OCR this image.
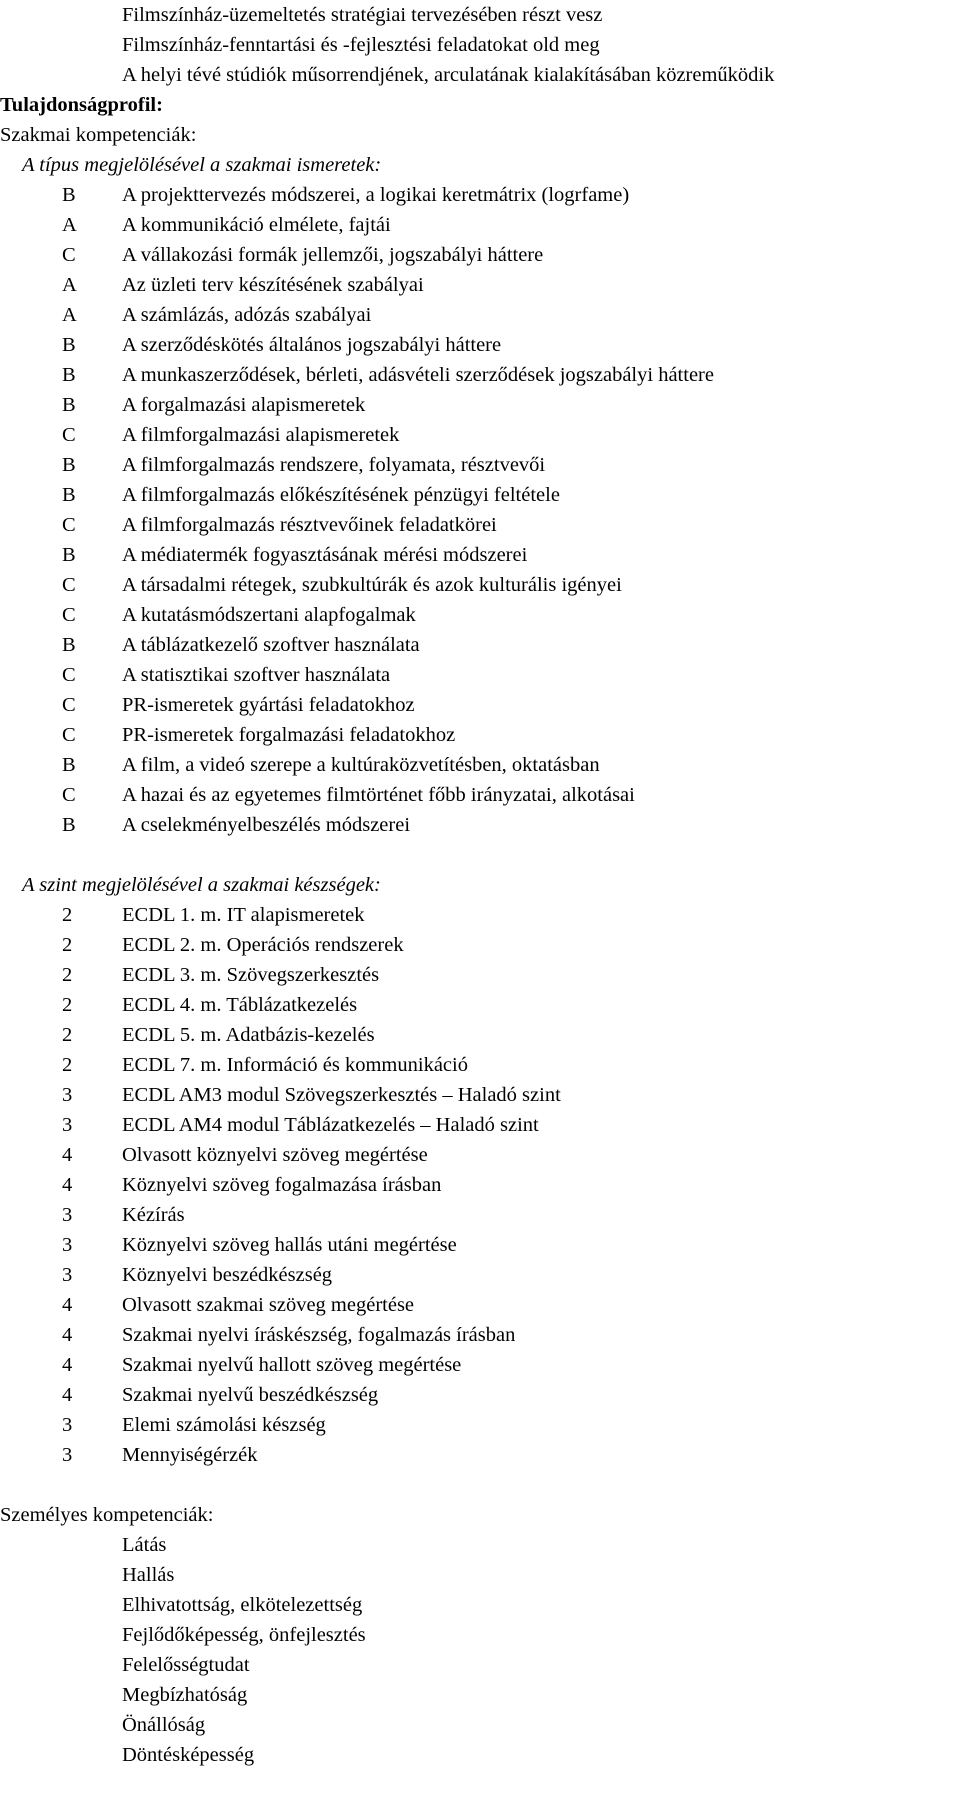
Filmszínház-üzemeltetés stratégiai tervezésében részt vesz
Filmszínház-fenntartási és -fejlesztési feladatokat old meg
A helyi tévé stúdiók műsorrendjének, arculatának kialakításában közreműködik
Tulajdonságprofil:
Szakmai kompetenciák:
A típus megjelölésével a szakmai ismeretek:
B A projekttervezés módszerei, a logikai keretmátrix (logrfame)
A A kommunikáció elmélete, fajtái
C A vállakozási formák jellemzői, jogszabályi háttere
A Az üzleti terv készítésének szabályai
A A számlázás, adózás szabályai
B A szerződéskötés általános jogszabályi háttere
B A munkaszerződések, bérleti, adásvételi szerződések jogszabályi háttere
B A forgalmazási alapismeretek
C A filmforgalmazási alapismeretek
B A filmforgalmazás rendszere, folyamata, résztvevői
B A filmforgalmazás előkészítésének pénzügyi feltétele
C A filmforgalmazás résztvevőinek feladatkörei
B A médiatermék fogyasztásának mérési módszerei
C A társadalmi rétegek, szubkultúrák és azok kulturális igényei
C A kutatásmódszertani alapfogalmak
B A táblázatkezelő szoftver használata
C A statisztikai szoftver használata
C PR-ismeretek gyártási feladatokhoz
C PR-ismeretek forgalmazási feladatokhoz
B A film, a videó szerepe a kultúraközvetítésben, oktatásban
C A hazai és az egyetemes filmtörténet főbb irányzatai, alkotásai
B A cselekményelbeszélés módszerei
A szint megjelölésével a szakmai készségek:
2 ECDL 1. m. IT alapismeretek
2 ECDL 2. m. Operációs rendszerek
2 ECDL 3. m. Szövegszerkesztés
2 ECDL 4. m. Táblázatkezelés
2 ECDL 5. m. Adatbázis-kezelés
2 ECDL 7. m. Információ és kommunikáció
3 ECDL AM3 modul Szövegszerkesztés – Haladó szint
3 ECDL AM4 modul Táblázatkezelés – Haladó szint
4 Olvasott köznyelvi szöveg megértése
4 Köznyelvi szöveg fogalmazása írásban
3 Kézírás
3 Köznyelvi szöveg hallás utáni megértése
3 Köznyelvi beszédkészség
4 Olvasott szakmai szöveg megértése
4 Szakmai nyelvi íráskészség, fogalmazás írásban
4 Szakmai nyelvű hallott szöveg megértése
4 Szakmai nyelvű beszédkészség
3 Elemi számolási készség
3 Mennyiségérzék
Személyes kompetenciák:
Látás
Hallás
Elhivatottság, elkötelezettség
Fejlődőképesség, önfejlesztés
Felelősségtudat
Megbízhatóság
Önállóság
Döntésképesség
